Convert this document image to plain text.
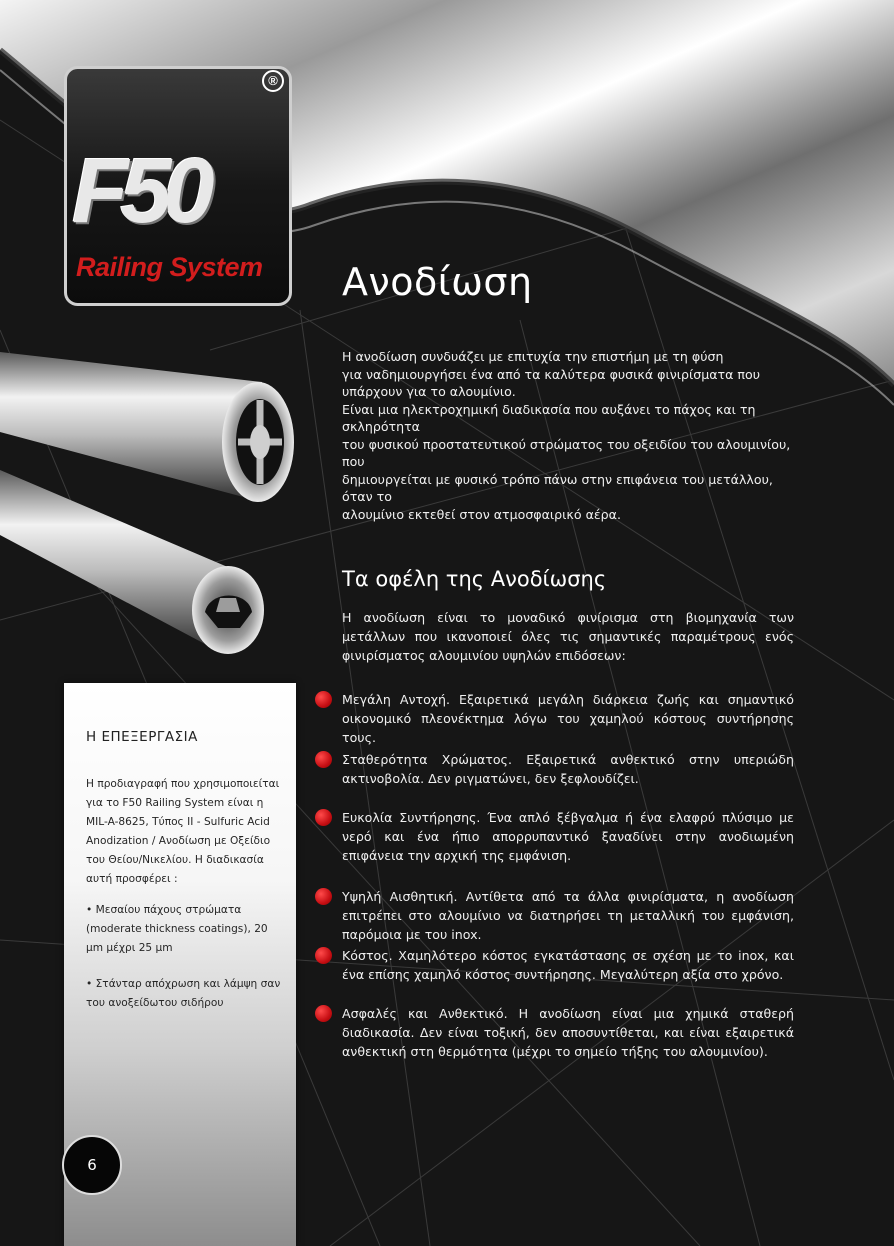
®
F50
Railing System	Ανοδίωση

Η ανοδίωση συνδυάζει με επιτυχία την επιστήμη με τη φύση

για ναδημιουργήσει ένα από τα καλύτερα φυσικά φινιρίσματα που

υπάρχουν για το αλουμίνιο.

Είναι μια ηλεκτροχημική διαδικασία που αυξάνει το πάχος και τη σκληρότητα

του φυσικού προστατευτικού στρώματος του οξειδίου του αλουμινίου, που

δημιουργείται με φυσικό τρόπο πάνω στην επιφάνεια του μετάλλου, όταν το

αλουμίνιο εκτεθεί στον ατμοσφαιρικό αέρα.

Τα οφέλη της Ανοδίωσης

Η ανοδίωση είναι το μοναδικό φινίρισμα στη βιομηχανία των μετάλλων που ικανοποιεί όλες τις σημαντικές παραμέτρους ενός φινιρίσματος αλουμινίου υψηλών επιδόσεων:

Μεγάλη Αντοχή. Εξαιρετικά μεγάλη διάρκεια ζωής και σημαντικό οικονομικό πλεονέκτημα λόγω του χαμηλού κόστους συντήρησης τους.
Σταθερότητα Χρώματος. Εξαιρετικά ανθεκτικό στην υπεριώδη ακτινοβολία. Δεν ριγματώνει, δεν ξεφλουδίζει.
Ευκολία Συντήρησης. Ένα απλό ξέβγαλμα ή ένα ελαφρύ πλύσιμο με νερό και ένα ήπιο απορρυπαντικό ξαναδίνει στην ανοδιωμένη επιφάνεια την αρχική της εμφάνιση.
Υψηλή Αισθητική. Αντίθετα από τα άλλα φινιρίσματα, η ανοδίωση επιτρέπει στο αλουμίνιο να διατηρήσει τη μεταλλική του εμφάνιση, παρόμοια με του inox.
Κόστος. Χαμηλότερο κόστος εγκατάστασης σε σχέση με το inox, και ένα επίσης χαμηλό κόστος συντήρησης. Μεγαλύτερη αξία στο χρόνο.
Ασφαλές και Ανθεκτικό. Η ανοδίωση είναι μια χημικά σταθερή διαδικασία. Δεν είναι τοξική, δεν αποσυντίθεται, και είναι εξαιρετικά ανθεκτική στη θερμότητα (μέχρι το σημείο τήξης του αλουμινίου).
Η ΕΠΕΞΕΡΓΑΣΙΑ

Η προδιαγραφή που χρησιμοποιείται για το F50 Railing System είναι η MIL-A-8625, Τύπος ΙΙ - Sulfuric Acid Anodization / Ανοδίωση με Οξείδιο του Θείου/Νικελίου. Η διαδικασία αυτή προσφέρει :

• Μεσαίου πάχους στρώματα (moderate thickness coatings), 20 μm μέχρι 25 μm

• Στάνταρ απόχρωση και λάμψη σαν του ανοξείδωτου σιδήρου

6
